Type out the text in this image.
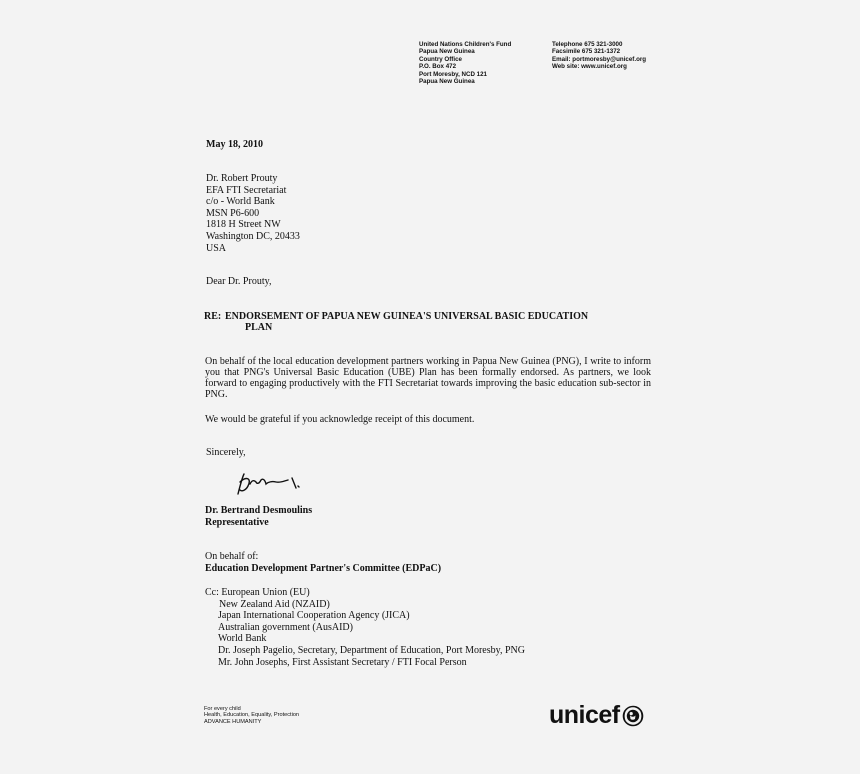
United Nations Children's Fund
Papua New Guinea
Country Office
P.O. Box 472
Port Moresby, NCD 121
Papua New Guinea
Telephone 675 321-3000
Facsimile 675 321-1372
Email: portmoresby@unicef.org
Web site: www.unicef.org
May 18, 2010
Dr. Robert Prouty
EFA FTI Secretariat
c/o - World Bank
MSN P6-600
1818 H Street NW
Washington DC, 20433
USA
Dear Dr. Prouty,
RE: ENDORSEMENT OF PAPUA NEW GUINEA'S UNIVERSAL BASIC EDUCATION
PLAN
On behalf of the local education development partners working in Papua New Guinea (PNG), I write to inform you that PNG's Universal Basic Education (UBE) Plan has been formally endorsed. As partners, we look forward to engaging productively with the FTI Secretariat towards improving the basic education sub-sector in PNG.
We would be grateful if you acknowledge receipt of this document.
Sincerely,
Dr. Bertrand Desmoulins
Representative
On behalf of:
Education Development Partner's Committee (EDPaC)
Cc: European Union (EU)
New Zealand Aid (NZAID)
Japan International Cooperation Agency (JICA)
Australian government (AusAID)
World Bank
Dr. Joseph Pagelio, Secretary, Department of Education, Port Moresby, PNG
Mr. John Josephs, First Assistant Secretary / FTI Focal Person
For every child
Health, Education, Equality, Protection
ADVANCE HUMANITY	unicef
